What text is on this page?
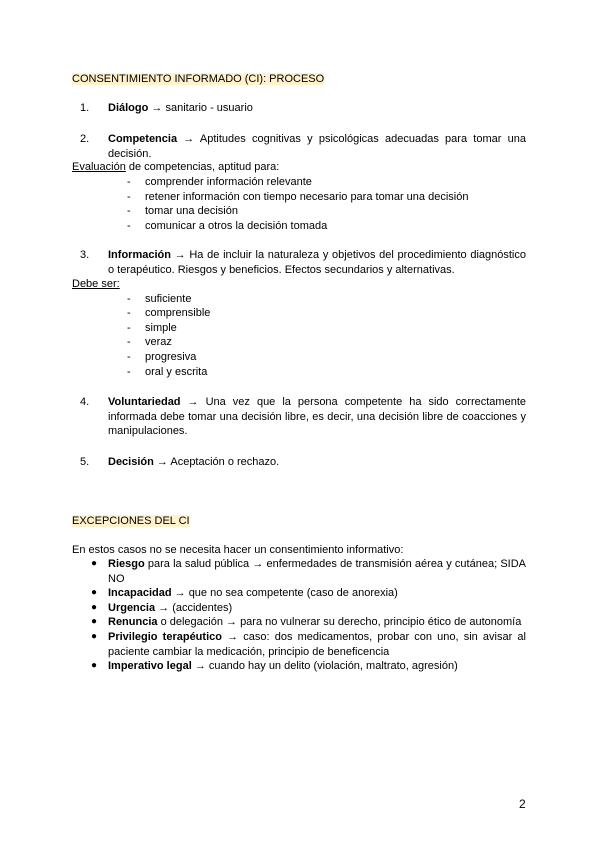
CONSENTIMIENTO INFORMADO (CI): PROCESO
1. Diálogo → sanitario - usuario
2. Competencia → Aptitudes cognitivas y psicológicas adecuadas para tomar una decisión.
Evaluación de competencias, aptitud para:
- comprender información relevante
- retener información con tiempo necesario para tomar una decisión
- tomar una decisión
- comunicar a otros la decisión tomada
3. Información → Ha de incluir la naturaleza y objetivos del procedimiento diagnóstico o terapéutico. Riesgos y beneficios. Efectos secundarios y alternativas.
Debe ser:
- suficiente
- comprensible
- simple
- veraz
- progresiva
- oral y escrita
4. Voluntariedad → Una vez que la persona competente ha sido correctamente informada debe tomar una decisión libre, es decir, una decisión libre de coacciones y manipulaciones.
5. Decisión → Aceptación o rechazo.
EXCEPCIONES DEL CI
En estos casos no se necesita hacer un consentimiento informativo:
● Riesgo para la salud pública → enfermedades de transmisión aérea y cutánea; SIDA NO
● Incapacidad → que no sea competente (caso de anorexia)
● Urgencia → (accidentes)
● Renuncia o delegación → para no vulnerar su derecho, principio ético de autonomía
● Privilegio terapéutico → caso: dos medicamentos, probar con uno, sin avisar al paciente cambiar la medicación, principio de beneficencia
● Imperativo legal → cuando hay un delito (violación, maltrato, agresión)
2
